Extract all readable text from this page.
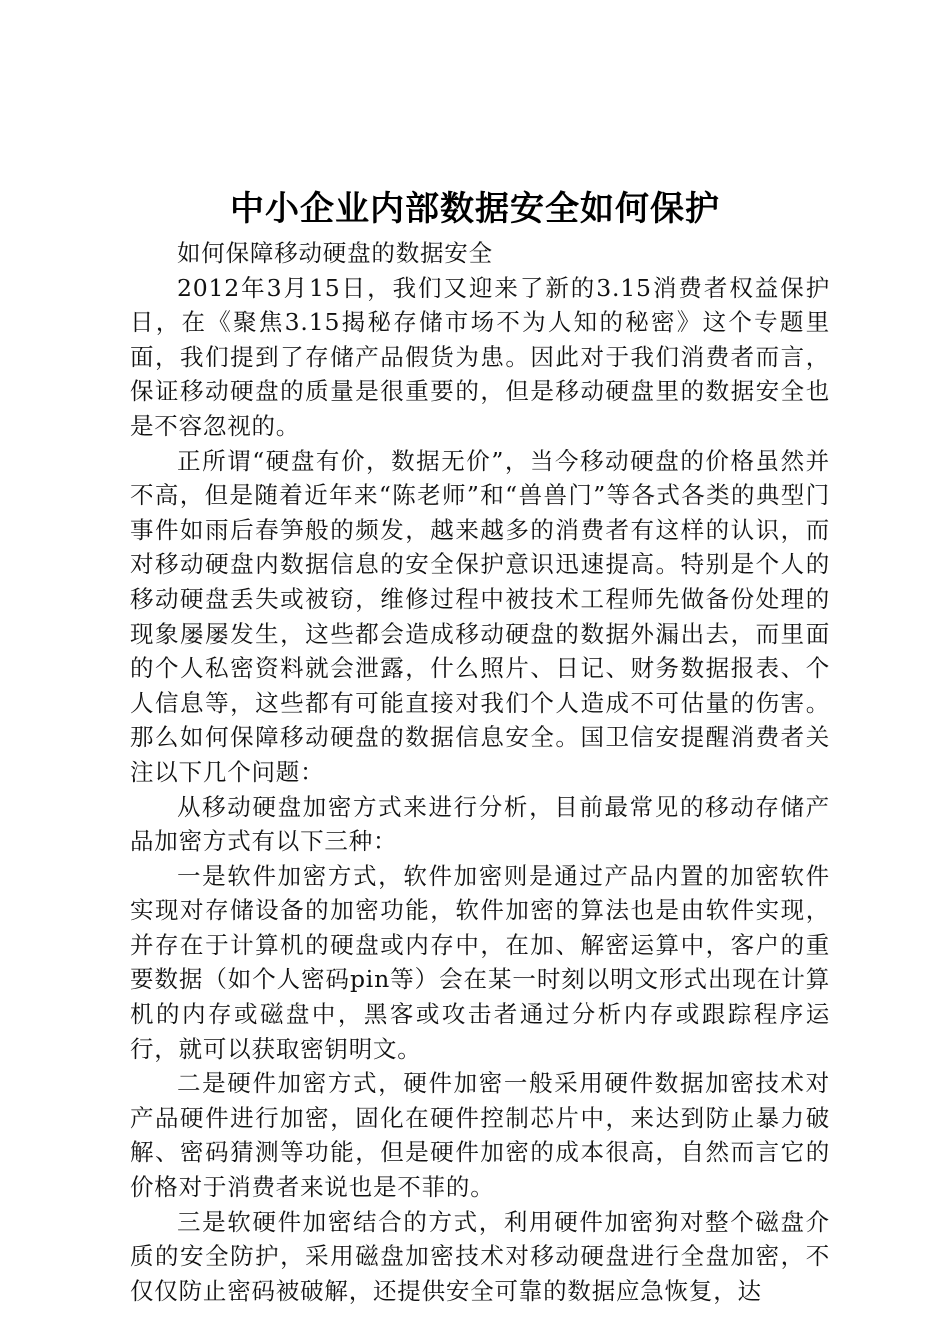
中小企业内部数据安全如何保护

如何保障移动硬盘的数据安全

2012年3月15日，我们又迎来了新的3.15消费者权益保护日，在《聚焦3.15揭秘存储市场不为人知的秘密》这个专题里面，我们提到了存储产品假货为患。因此对于我们消费者而言，保证移动硬盘的质量是很重要的，但是移动硬盘里的数据安全也是不容忽视的。

正所谓“硬盘有价，数据无价”，当今移动硬盘的价格虽然并不高，但是随着近年来“陈老师”和“兽兽门”等各式各类的典型门事件如雨后春笋般的频发，越来越多的消费者有这样的认识，而对移动硬盘内数据信息的安全保护意识迅速提高。特别是个人的移动硬盘丢失或被窃，维修过程中被技术工程师先做备份处理的现象屡屡发生，这些都会造成移动硬盘的数据外漏出去，而里面的个人私密资料就会泄露，什么照片、日记、财务数据报表、个人信息等，这些都有可能直接对我们个人造成不可估量的伤害。那么如何保障移动硬盘的数据信息安全。国卫信安提醒消费者关注以下几个问题：

从移动硬盘加密方式来进行分析，目前最常见的移动存储产品加密方式有以下三种：

一是软件加密方式，软件加密则是通过产品内置的加密软件实现对存储设备的加密功能，软件加密的算法也是由软件实现，并存在于计算机的硬盘或内存中，在加、解密运算中，客户的重要数据（如个人密码pin等）会在某一时刻以明文形式出现在计算机的内存或磁盘中，黑客或攻击者通过分析内存或跟踪程序运行，就可以获取密钥明文。

二是硬件加密方式，硬件加密一般采用硬件数据加密技术对产品硬件进行加密，固化在硬件控制芯片中，来达到防止暴力破解、密码猜测等功能，但是硬件加密的成本很高，自然而言它的价格对于消费者来说也是不菲的。

三是软硬件加密结合的方式，利用硬件加密狗对整个磁盘介质的安全防护，采用磁盘加密技术对移动硬盘进行全盘加密，不仅仅防止密码被破解，还提供安全可靠的数据应急恢复，达
